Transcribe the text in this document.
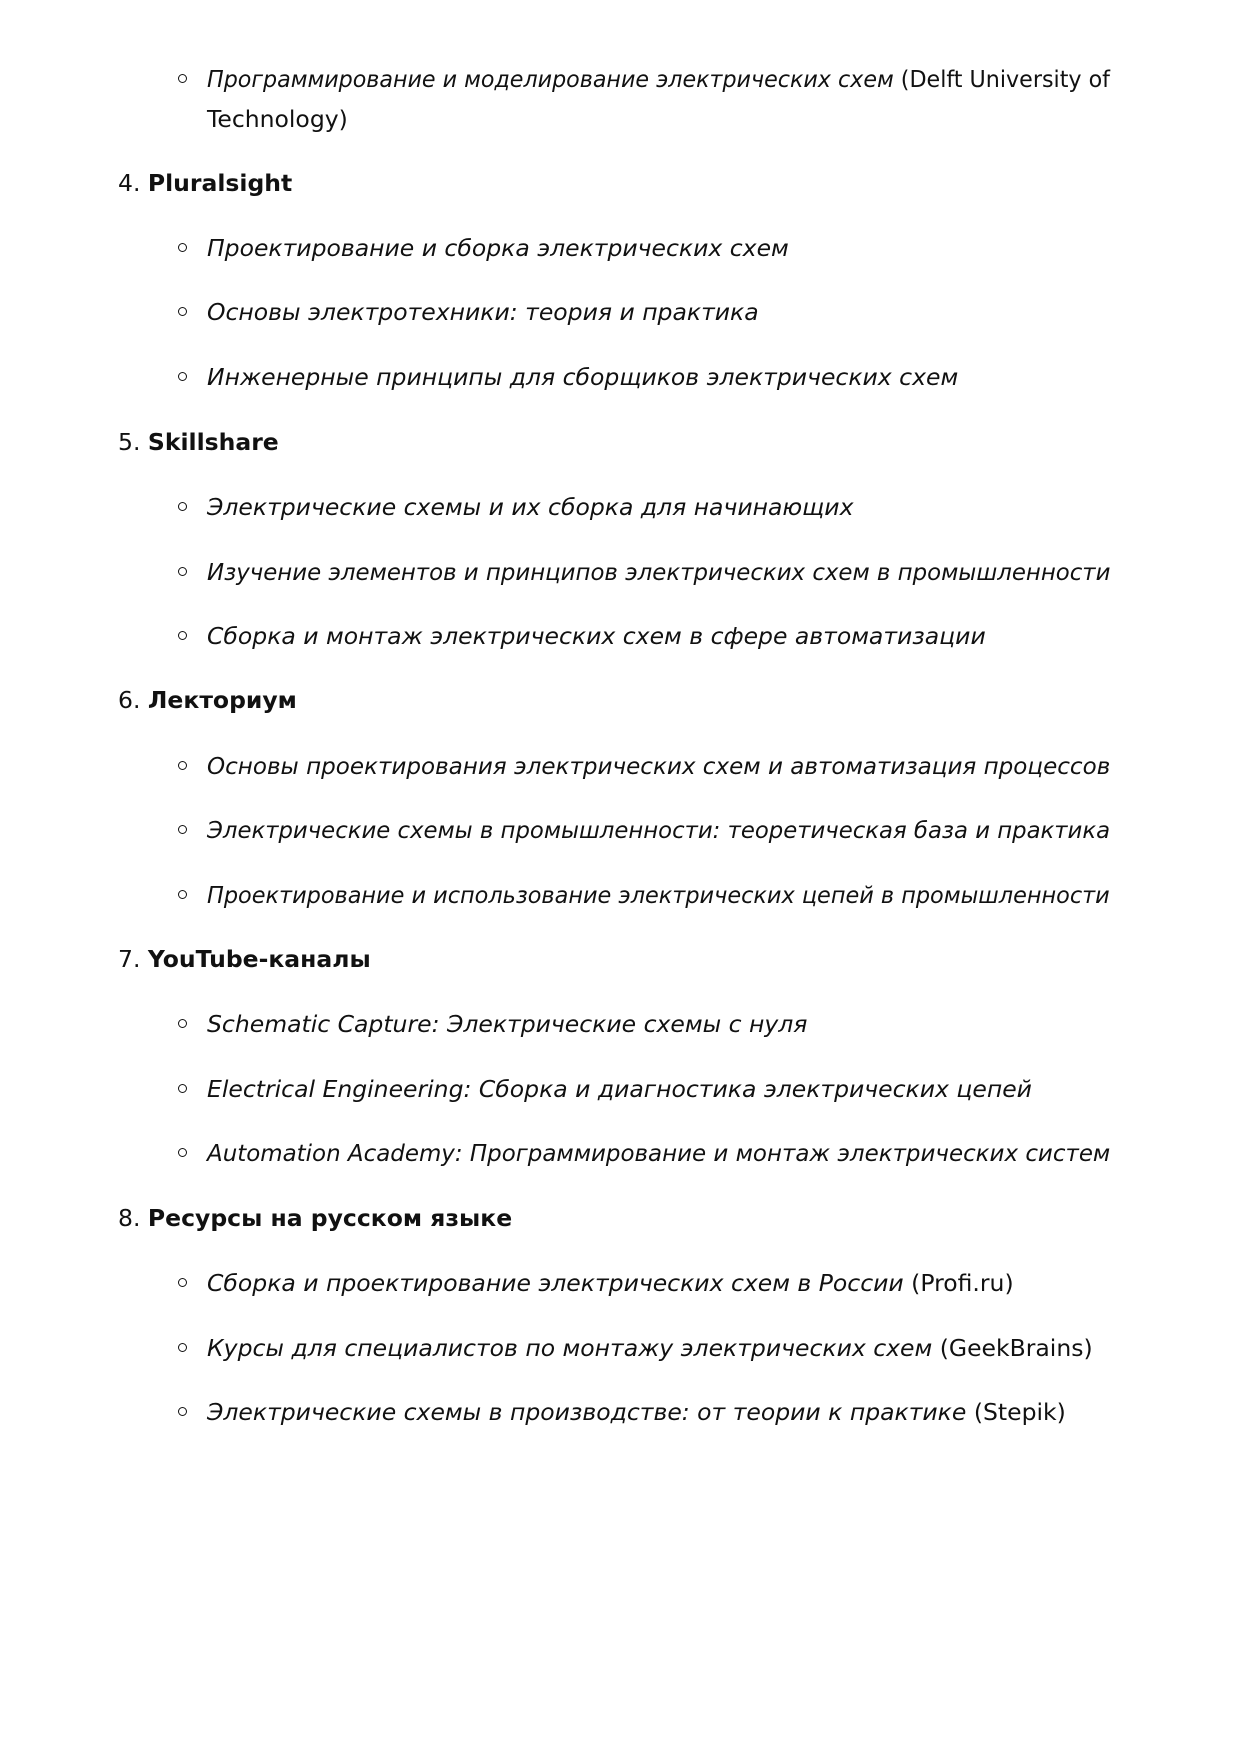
Программирование и моделирование электрических схем (Delft University of
Technology)
4. Pluralsight
Проектирование и сборка электрических схем
Основы электротехники: теория и практика
Инженерные принципы для сборщиков электрических схем
5. Skillshare
Электрические схемы и их сборка для начинающих
Изучение элементов и принципов электрических схем в промышленности
Сборка и монтаж электрических схем в сфере автоматизации
6. Лекториум
Основы проектирования электрических схем и автоматизация процессов
Электрические схемы в промышленности: теоретическая база и практика
Проектирование и использование электрических цепей в промышленности
7. YouTube-каналы
Schematic Capture: Электрические схемы с нуля
Electrical Engineering: Сборка и диагностика электрических цепей
Automation Academy: Программирование и монтаж электрических систем
8. Ресурсы на русском языке
Сборка и проектирование электрических схем в России (Profi.ru)
Курсы для специалистов по монтажу электрических схем (GeekBrains)
Электрические схемы в производстве: от теории к практике (Stepik)
